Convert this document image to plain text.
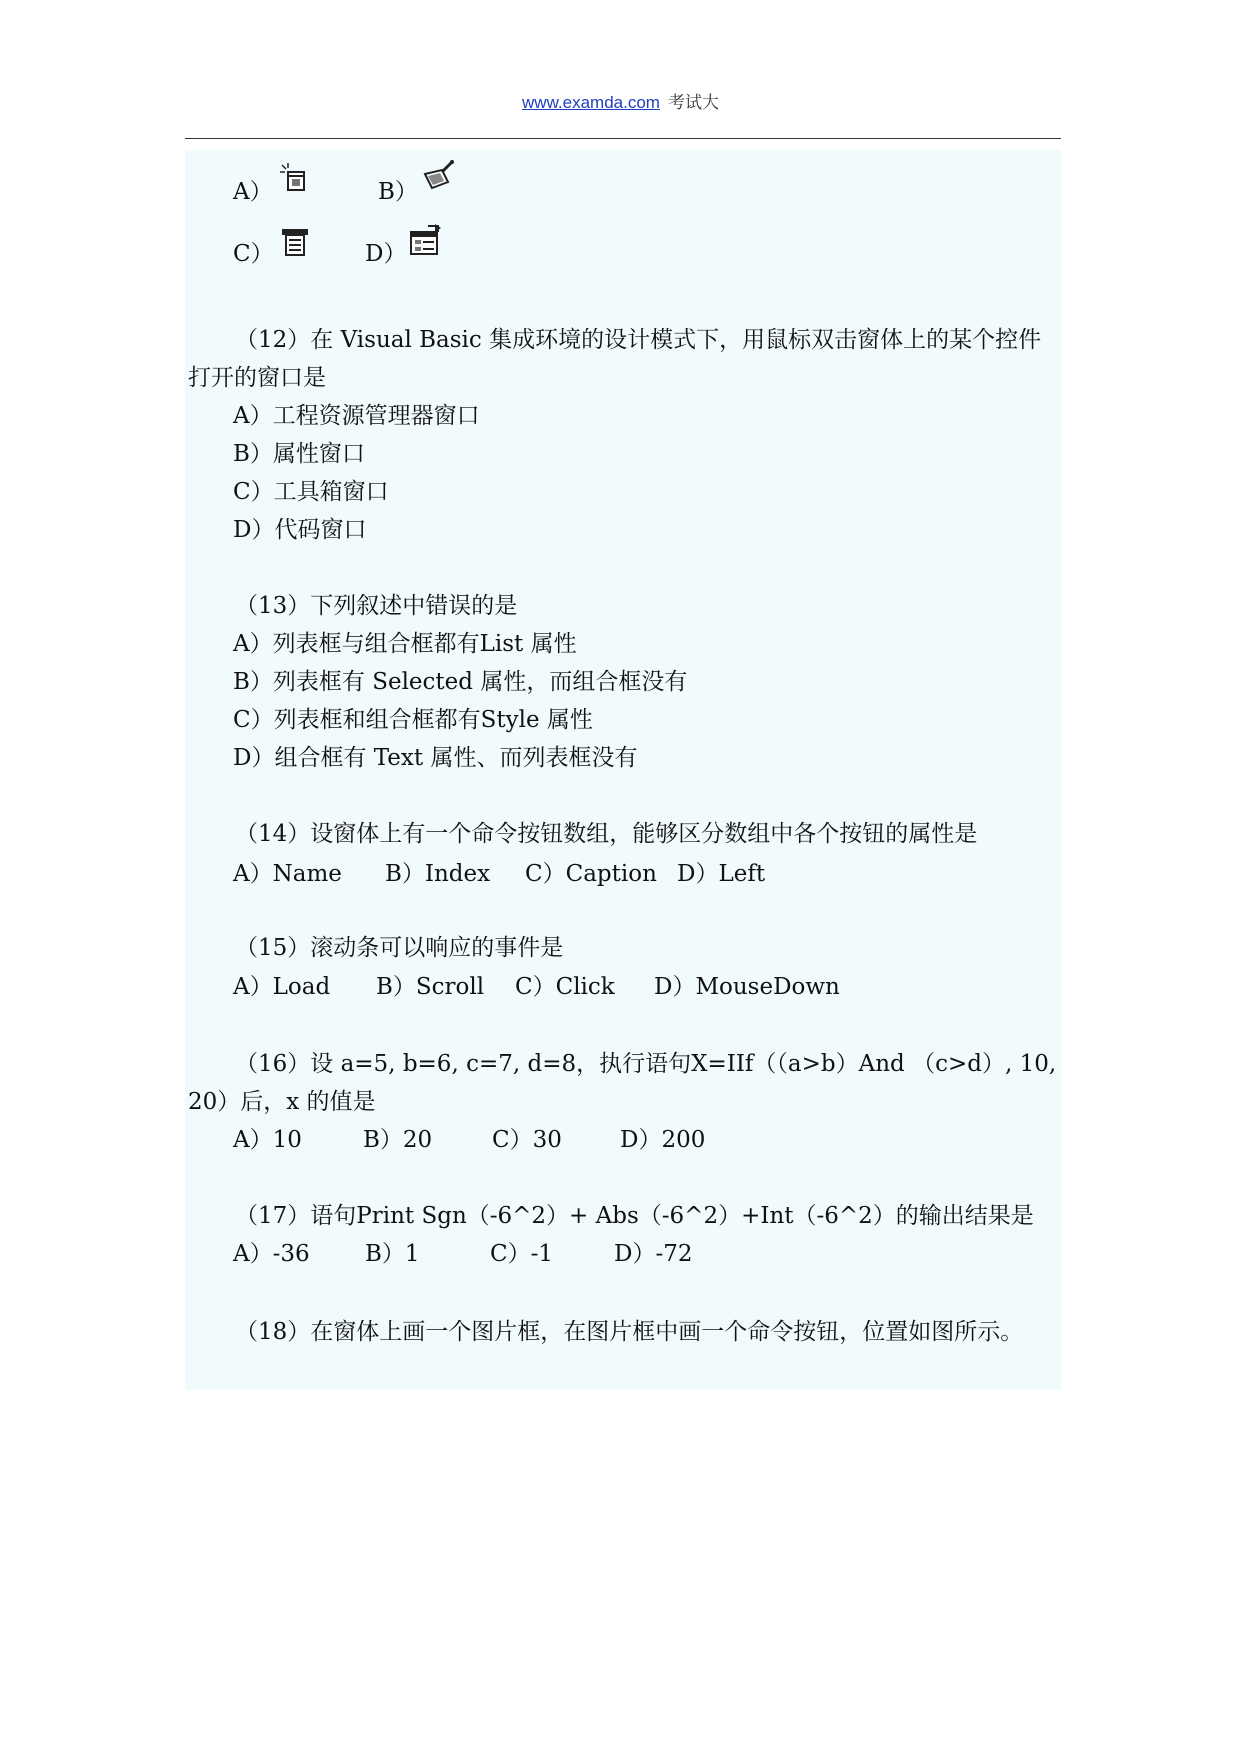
www.examda.com 考试大
A）	B）
C）	D）
（12）在 Visual Basic 集成环境的设计模式下，用鼠标双击窗体上的某个控件
打开的窗口是
A）工程资源管理器窗口
B）属性窗口
C）工具箱窗口
D）代码窗口
（13）下列叙述中错误的是
A）列表框与组合框都有List 属性
B）列表框有 Selected 属性，而组合框没有
C）列表框和组合框都有Style 属性
D）组合框有 Text 属性、而列表框没有
（14）设窗体上有一个命令按钮数组，能够区分数组中各个按钮的属性是
A）Name B）Index C）Caption D）Left
（15）滚动条可以响应的事件是
A）Load B）Scroll C）Click D）MouseDown
（16）设 a=5, b=6, c=7, d=8，执行语句X=IIf（（a>b）And （c>d）, 10,
20）后，x 的值是
A）10	B）20	C）30	D）200
（17）语句Print Sgn（-6^2）+ Abs（-6^2）+Int（-6^2）的输出结果是
A）-36 B）1	C）-1	D）-72
（18）在窗体上画一个图片框，在图片框中画一个命令按钮，位置如图所示。
